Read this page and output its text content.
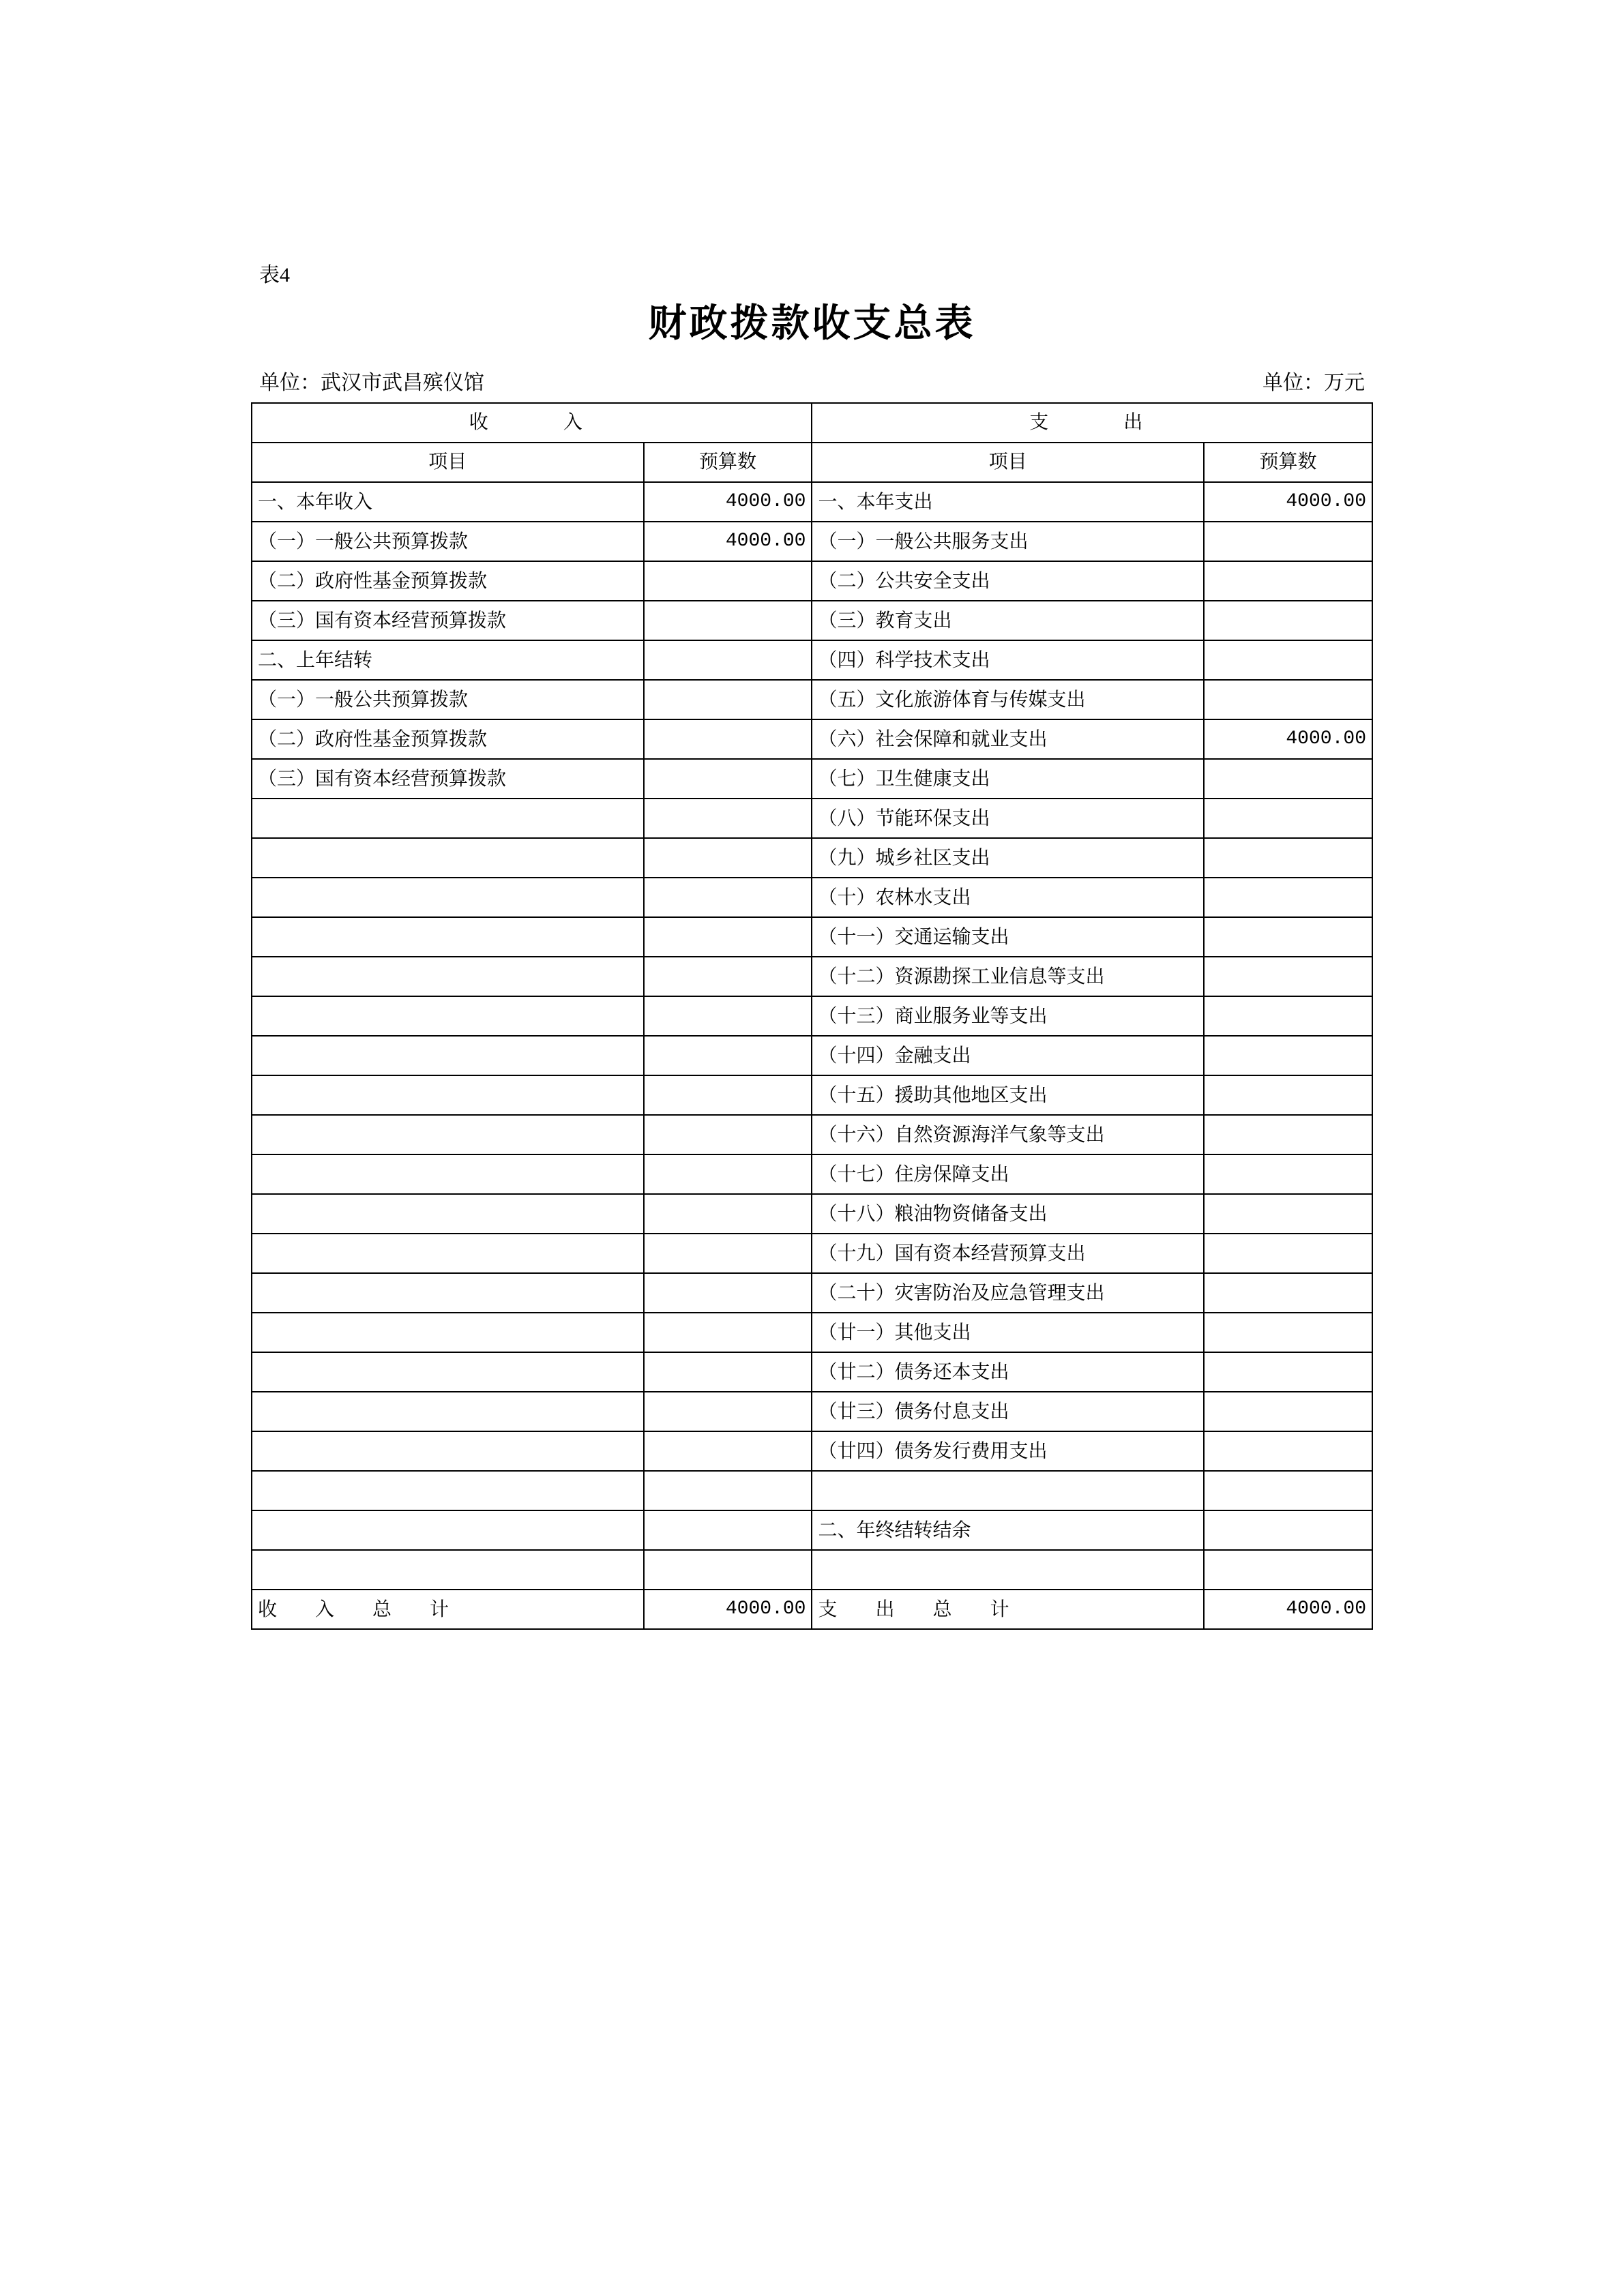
表4
财政拨款收支总表
单位：武汉市武昌殡仪馆	单位：万元
收　　入		支　　出	
项目	预算数	项目	预算数
一、本年收入	4000.00	一、本年支出	4000.00
（一）一般公共预算拨款	4000.00	（一）一般公共服务支出	
（二）政府性基金预算拨款		（二）公共安全支出	
（三）国有资本经营预算拨款		（三）教育支出	
二、上年结转		（四）科学技术支出	
（一）一般公共预算拨款		（五）文化旅游体育与传媒支出	
（二）政府性基金预算拨款		（六）社会保障和就业支出	4000.00
（三）国有资本经营预算拨款		（七）卫生健康支出	
		（八）节能环保支出	
		（九）城乡社区支出	
		（十）农林水支出	
		（十一）交通运输支出	
		（十二）资源勘探工业信息等支出	
		（十三）商业服务业等支出	
		（十四）金融支出	
		（十五）援助其他地区支出	
		（十六）自然资源海洋气象等支出	
		（十七）住房保障支出	
		（十八）粮油物资储备支出	
		（十九）国有资本经营预算支出	
		（二十）灾害防治及应急管理支出	
		（廿一）其他支出	
		（廿二）债务还本支出	
		（廿三）债务付息支出	
		（廿四）债务发行费用支出	

		二、年终结转结余	

收　入　总　计	4000.00	支　出　总　计	4000.00
